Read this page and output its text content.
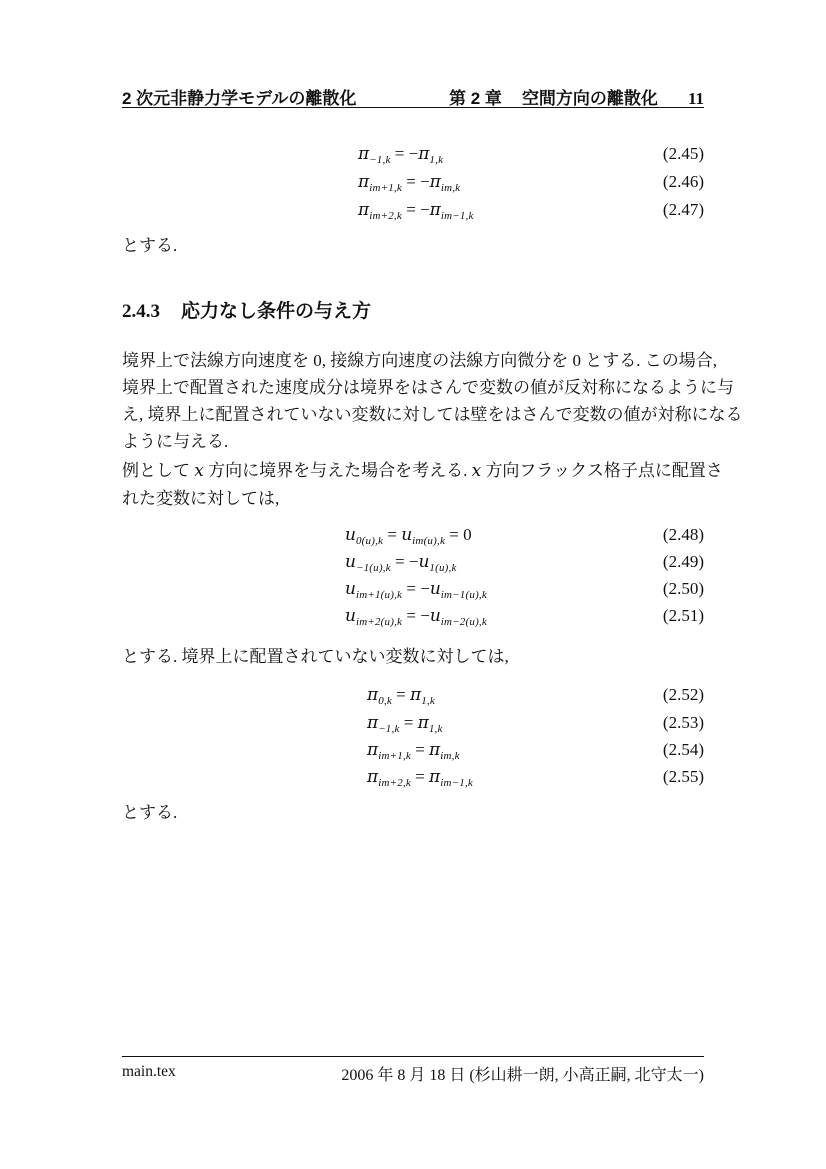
2 次元非静力学モデルの離散化	第 2 章 空間方向の離散化 11
$\pi_{-1,k} = -\pi_{1,k}$	(2.45)
$\pi_{im+1,k} = -\pi_{im,k}$	(2.46)
$\pi_{im+2,k} = -\pi_{im-1,k}$	(2.47)
とする.
2.4.3 応力なし条件の与え方
境界上で法線方向速度を 0, 接線方向速度の法線方向微分を 0 とする. この場合,
境界上で配置された速度成分は境界をはさんで変数の値が反対称になるように与
え, 境界上に配置されていない変数に対しては壁をはさんで変数の値が対称になる
ように与える.
例として x 方向に境界を与えた場合を考える. x 方向フラックス格子点に配置さ
れた変数に対しては,
$u_{0(u),k} = u_{im(u),k} = 0$	(2.48)
$u_{-1(u),k} = -u_{1(u),k}$	(2.49)
$u_{im+1(u),k} = -u_{im-1(u),k}$	(2.50)
$u_{im+2(u),k} = -u_{im-2(u),k}$	(2.51)
とする. 境界上に配置されていない変数に対しては,
$\pi_{0,k} = \pi_{1,k}$	(2.52)
$\pi_{-1,k} = \pi_{1,k}$	(2.53)
$\pi_{im+1,k} = \pi_{im,k}$	(2.54)
$\pi_{im+2,k} = \pi_{im-1,k}$	(2.55)
とする.
main.tex	2006 年 8 月 18 日 (杉山耕一朗, 小高正嗣, 北守太一)
